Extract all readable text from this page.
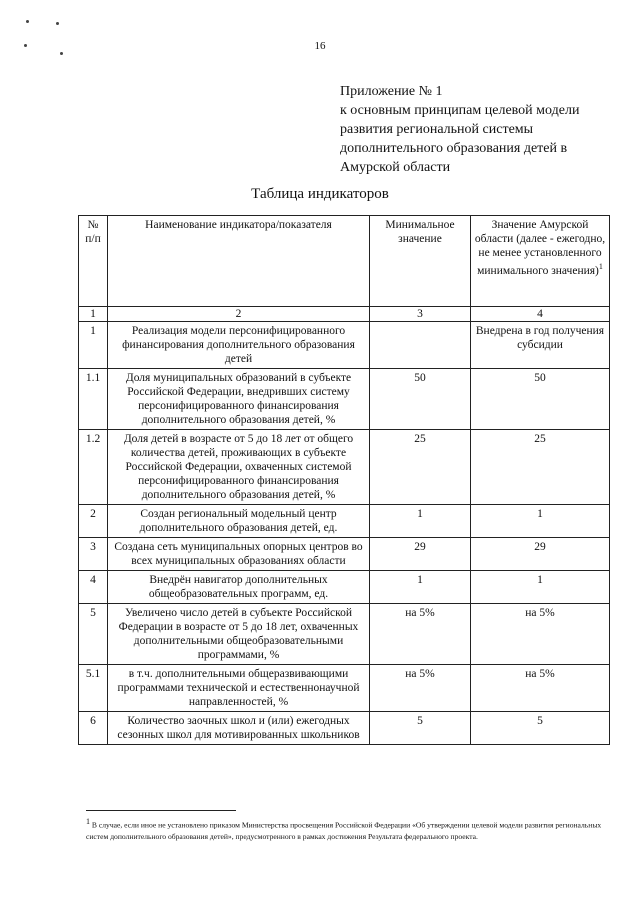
16
Приложение № 1
к основным принципам целевой модели
развития региональной системы
дополнительного образования детей в
Амурской области
Таблица индикаторов
№ п/п	Наименование индикатора/показателя	Минимальное значение	Значение Амурской области (далее - ежегодно, не менее установленного минимального значения)$^1$
1	2	3	4
1	Реализация модели персонифицированного финансирования дополнительного образования детей		Внедрена в год получения субсидии
1.1	Доля муниципальных образований в субъекте Российской Федерации, внедривших систему персонифицированного финансирования дополнительного образования детей, %	50	50
1.2	Доля детей в возрасте от 5 до 18 лет от общего количества детей, проживающих в субъекте Российской Федерации, охваченных системой персонифицированного финансирования дополнительного образования детей, %	25	25
2	Создан региональный модельный центр дополнительного образования детей, ед.	1	1
3	Создана сеть муниципальных опорных центров во всех муниципальных образованиях области	29	29
4	Внедрён навигатор дополнительных общеобразовательных программ, ед.	1	1
5	Увеличено число детей в субъекте Российской Федерации в возрасте от 5 до 18 лет, охваченных дополнительными общеобразовательными программами, %	на 5%	на 5%
5.1	в т.ч. дополнительными общеразвивающими программами технической и естественнонаучной направленностей, %	на 5%	на 5%
6	Количество заочных школ и (или) ежегодных сезонных школ для мотивированных школьников	5	5
$^1$ В случае, если иное не установлено приказом Министерства просвещения Российской Федерации «Об утверждении целевой модели развития региональных систем дополнительного образования детей», предусмотренного в рамках достижения Результата федерального проекта.
